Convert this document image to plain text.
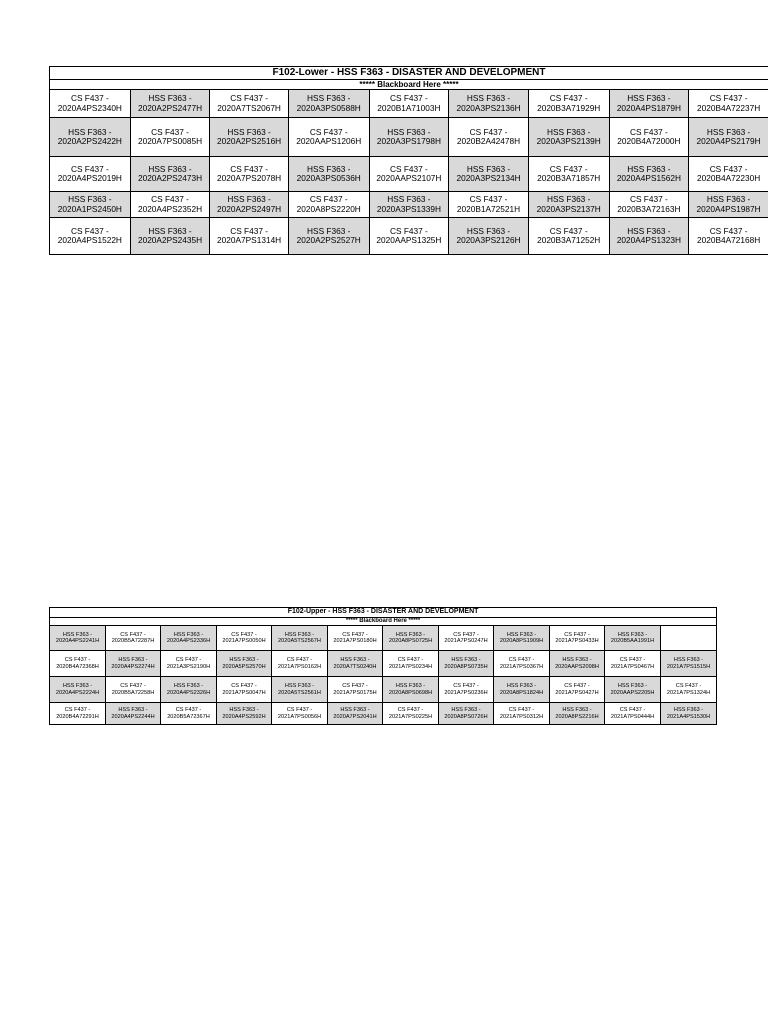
F102-Lower - HSS F363 - DISASTER AND DEVELOPMENT								
***** Blackboard Here *****								

CS F437 -
2020A4PS2340H	HSS F363 -
2020A2PS2477H	CS F437 -
2020A7TS2067H	HSS F363 -
2020A3PS0588H	CS F437 -
2020B1A71003H	HSS F363 -
2020A3PS2136H	CS F437 -
2020B3A71929H	HSS F363 -
2020A4PS1879H	CS F437 -
2020B4A72237H

HSS F363 -
2020A2PS2422H	CS F437 -
2020A7PS0085H	HSS F363 -
2020A2PS2516H	CS F437 -
2020AAPS1206H	HSS F363 -
2020A3PS1798H	CS F437 -
2020B2A42478H	HSS F363 -
2020A3PS2139H	CS F437 -
2020B4A72000H	HSS F363 -
2020A4PS2179H

CS F437 -
2020A4PS2019H	HSS F363 -
2020A2PS2473H	CS F437 -
2020A7PS2078H	HSS F363 -
2020A3PS0536H	CS F437 -
2020AAPS2107H	HSS F363 -
2020A3PS2134H	CS F437 -
2020B3A71857H	HSS F363 -
2020A4PS1562H	CS F437 -
2020B4A72230H

HSS F363 -
2020A1PS2450H	CS F437 -
2020A4PS2352H	HSS F363 -
2020A2PS2497H	CS F437 -
2020A8PS2220H	HSS F363 -
2020A3PS1339H	CS F437 -
2020B1A72521H	HSS F363 -
2020A3PS2137H	CS F437 -
2020B3A72163H	HSS F363 -
2020A4PS1987H

CS F437 -
2020A4PS1522H	HSS F363 -
2020A2PS2435H	CS F437 -
2020A7PS1314H	HSS F363 -
2020A2PS2527H	CS F437 -
2020AAPS1325H	HSS F363 -
2020A3PS2126H	CS F437 -
2020B3A71252H	HSS F363 -
2020A4PS1323H	CS F437 -
2020B4A72168H
F102-Upper - HSS F363 - DISASTER AND DEVELOPMENT											
***** Blackboard Here *****											

HSS F363 -
2020A4PS2241H	CS F437 -
2020B5A72287H	HSS F363 -
2020A4PS2336H	CS F437 -
2021A7PS0050H	HSS F363 -
2020A5TS2567H	CS F437 -
2021A7PS0180H	HSS F363 -
2020A8PS0725H	CS F437 -
2021A7PS0247H	HSS F363 -
2020A8PS1909H	CS F437 -
2021A7PS0433H	HSS F363 -
2020B5AA1991H	

CS F437 -
2020B4A72368H	HSS F363 -
2020A4PS2274H	CS F437 -
2021A3PS2190H	HSS F363 -
2020A5PS2570H	CS F437 -
2021A7PS0162H	HSS F363 -
2020A7TS0240H	CS F437 -
2021A7PS0234H	HSS F363 -
2020A8PS0735H	CS F437 -
2021A7PS0367H	HSS F363 -
2020AAPS2098H	CS F437 -
2021A7PS0467H	HSS F363 -
2021A7PS1515H

HSS F363 -
2020A4PS2224H	CS F437 -
2020B5A72258H	HSS F363 -
2020A4PS2326H	CS F437 -
2021A7PS0047H	HSS F363 -
2020A5TS2561H	CS F437 -
2021A7PS0175H	HSS F363 -
2020A8PS0698H	CS F437 -
2021A7PS0236H	HSS F363 -
2020A8PS1824H	CS F437 -
2021A7PS0427H	HSS F363 -
2020AAPS2205H	CS F437 -
2021A7PS1324H

CS F437 -
2020B4A72291H	HSS F363 -
2020A4PS2244H	CS F437 -
2020B5A72367H	HSS F363 -
2020A4PS2592H	CS F437 -
2021A7PS0056H	HSS F363 -
2020A7PS2041H	CS F437 -
2021A7PS0225H	HSS F363 -
2020A8PS0726H	CS F437 -
2021A7PS0312H	HSS F363 -
2020A8PS2216H	CS F437 -
2021A7PS0444H	HSS F363 -
2021A4PS1530H
